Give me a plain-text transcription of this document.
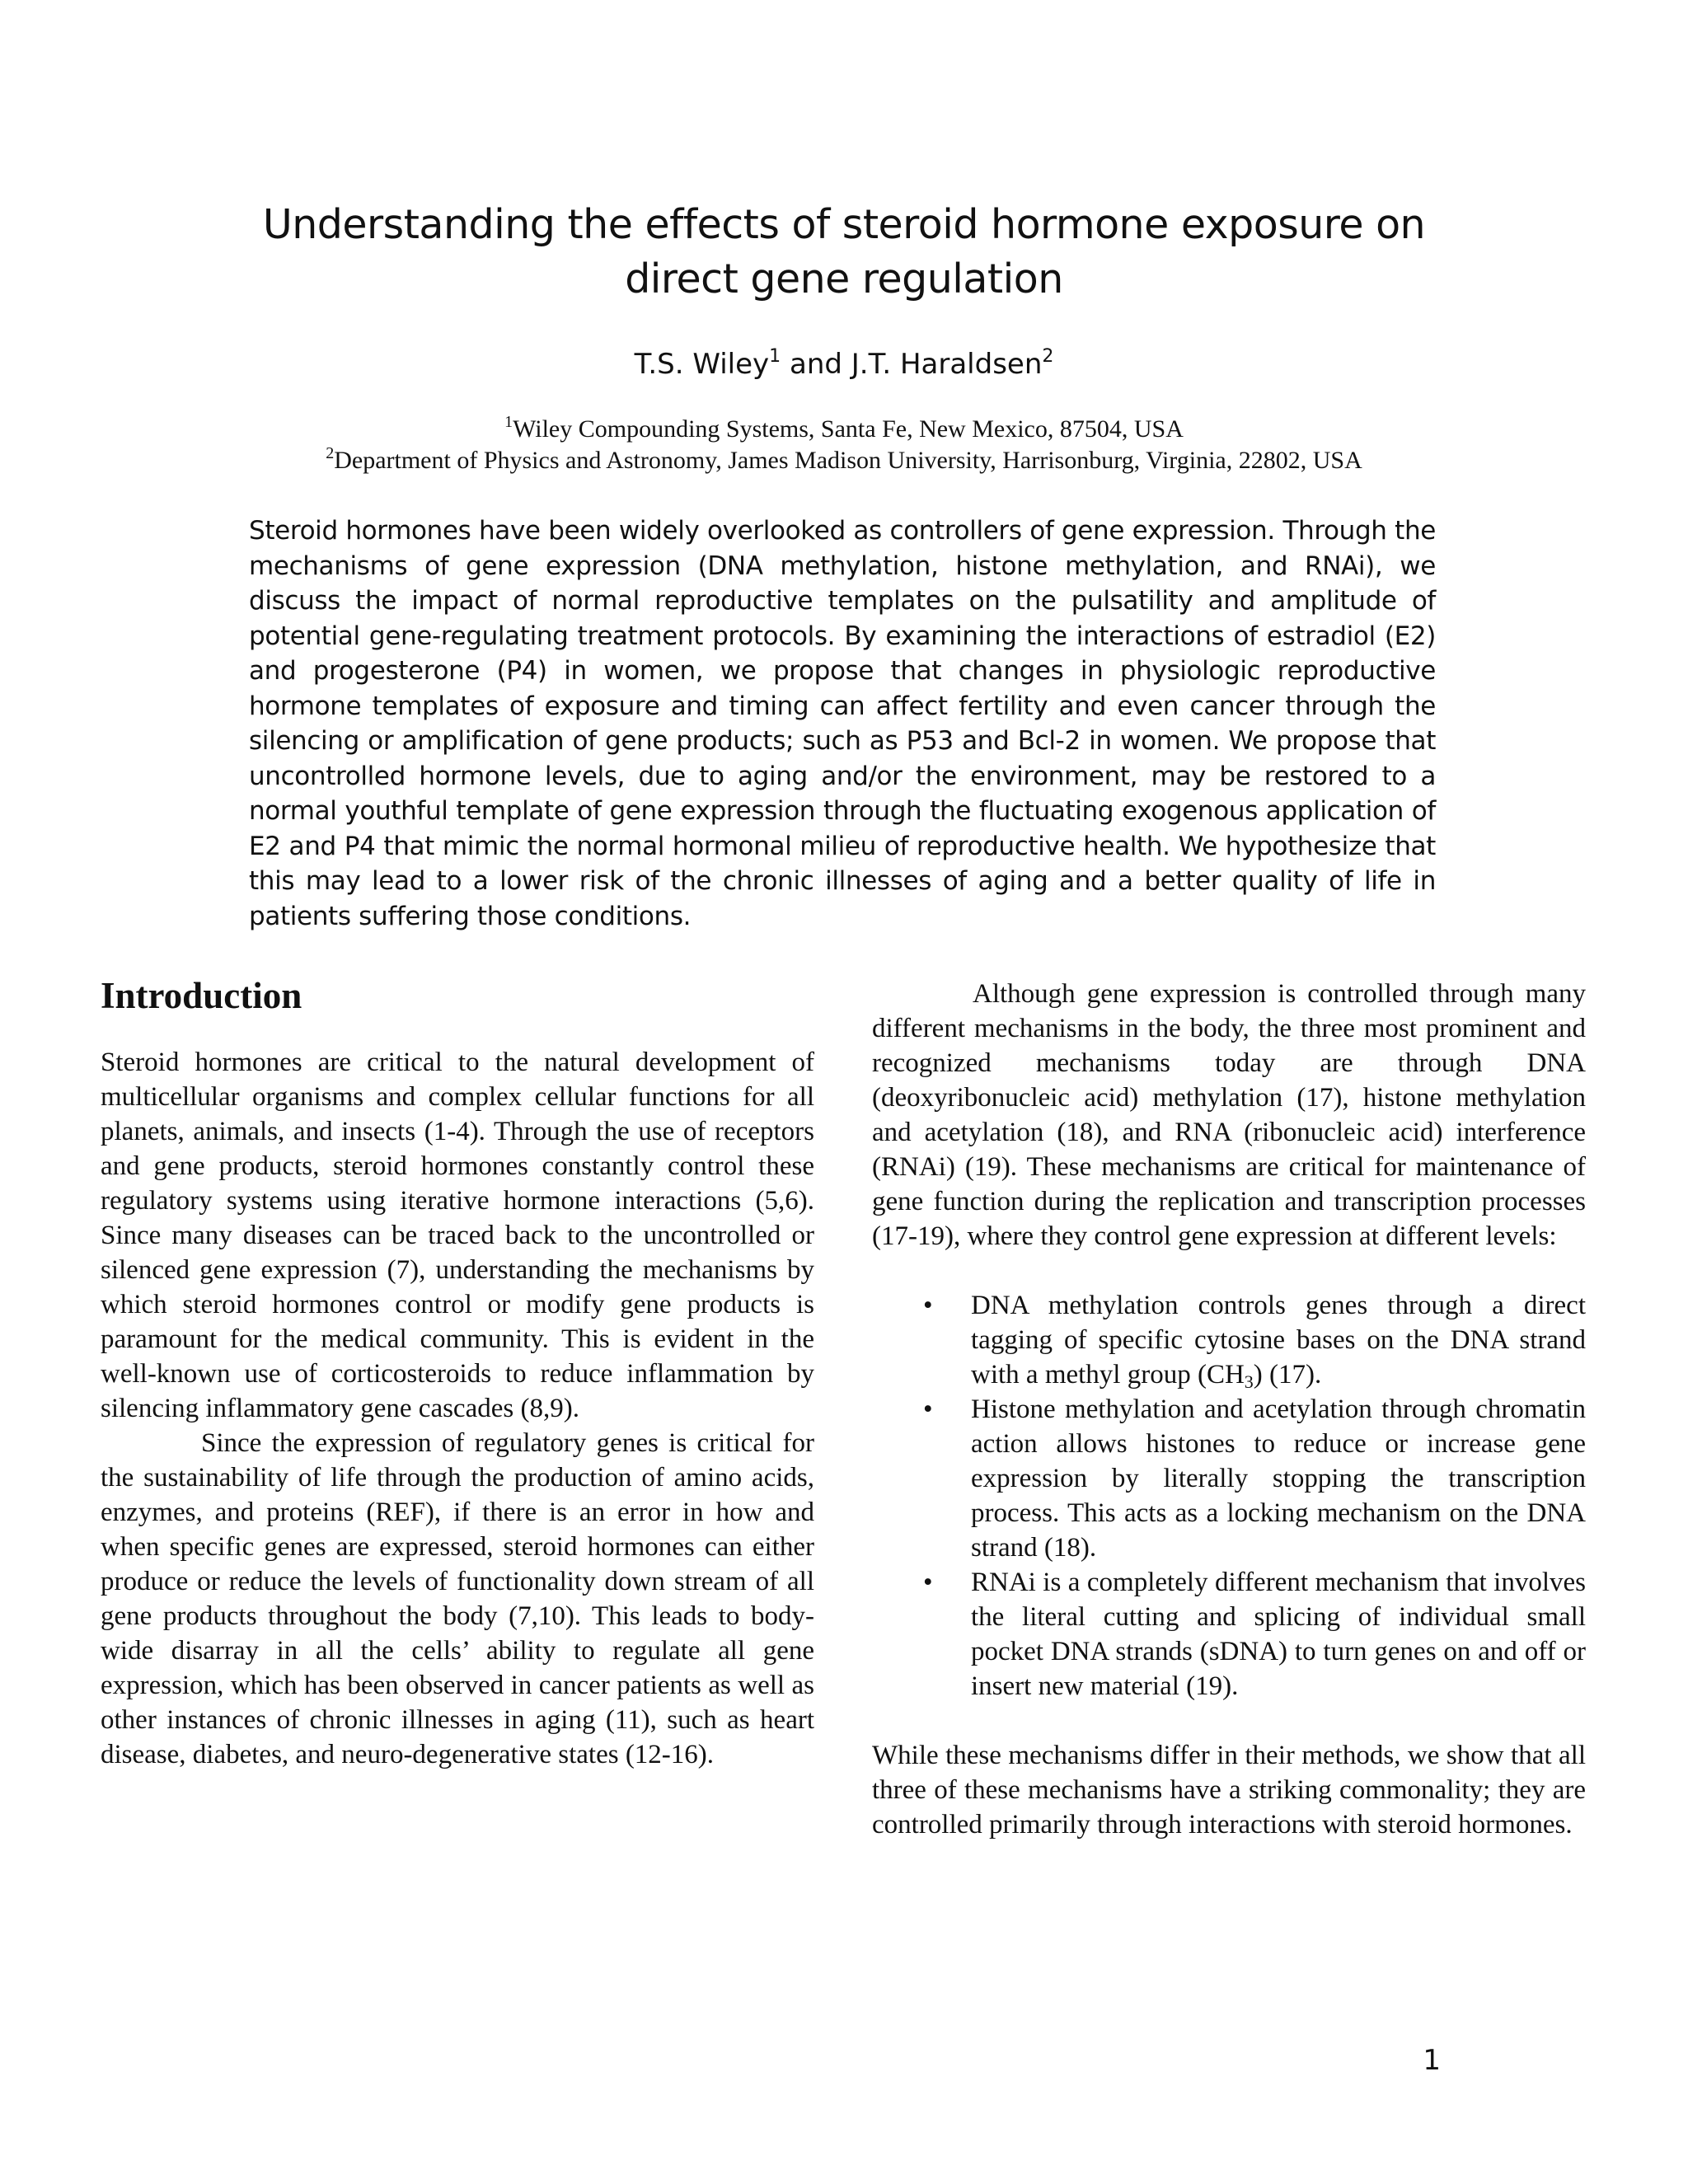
Understanding the effects of steroid hormone exposure on
direct gene regulation
T.S. Wiley$^1$ and J.T. Haraldsen$^2$
$^1$Wiley Compounding Systems, Santa Fe, New Mexico, 87504, USA
$^2$Department of Physics and Astronomy, James Madison University, Harrisonburg, Virginia, 22802, USA
Steroid hormones have been widely overlooked as controllers of gene expression. Through the mechanisms of gene expression (DNA methylation, histone methylation, and RNAi), we discuss the impact of normal reproductive templates on the pulsatility and amplitude of potential gene-regulating treatment protocols. By examining the interactions of estradiol (E2) and progesterone (P4) in women, we propose that changes in physiologic reproductive hormone templates of exposure and timing can affect fertility and even cancer through the silencing or amplification of gene products; such as P53 and Bcl-2 in women. We propose that uncontrolled hormone levels, due to aging and/or the environment, may be restored to a normal youthful template of gene expression through the fluctuating exogenous application of E2 and P4 that mimic the normal hormonal milieu of reproductive health. We hypothesize that this may lead to a lower risk of the chronic illnesses of aging and a better quality of life in patients suffering those conditions.
Introduction

Steroid hormones are critical to the natural development of multicellular organisms and complex cellular functions for all planets, animals, and insects (1-4). Through the use of receptors and gene products, steroid hormones constantly control these regulatory systems using iterative hormone interactions (5,6). Since many diseases can be traced back to the uncontrolled or silenced gene expression (7), understanding the mechanisms by which steroid hormones control or modify gene products is paramount for the medical community. This is evident in the well-known use of corticosteroids to reduce inflammation by silencing inflammatory gene cascades (8,9).

Since the expression of regulatory genes is critical for the sustainability of life through the production of amino acids, enzymes, and proteins (REF), if there is an error in how and when specific genes are expressed, steroid hormones can either produce or reduce the levels of functionality down stream of all gene products throughout the body (7,10). This leads to body-wide disarray in all the cells’ ability to regulate all gene expression, which has been observed in cancer patients as well as other instances of chronic illnesses in aging (11), such as heart disease, diabetes, and neuro-degenerative states (12-16).

Although gene expression is controlled through many different mechanisms in the body, the three most prominent and recognized mechanisms today are through DNA (deoxyribonucleic acid) methylation (17), histone methylation and acetylation (18), and RNA (ribonucleic acid) interference (RNAi) (19). These mechanisms are critical for maintenance of gene function during the replication and transcription processes (17-19), where they control gene expression at different levels:

• DNA methylation controls genes through a direct tagging of specific cytosine bases on the DNA strand with a methyl group $(CH_3)$ (17).
• Histone methylation and acetylation through chromatin action allows histones to reduce or increase gene expression by literally stopping the transcription process. This acts as a locking mechanism on the DNA strand (18).
• RNAi is a completely different mechanism that involves the literal cutting and splicing of individual small pocket DNA strands (sDNA) to turn genes on and off or insert new material (19).

While these mechanisms differ in their methods, we show that all three of these mechanisms have a striking commonality; they are controlled primarily through interactions with steroid hormones.

1
